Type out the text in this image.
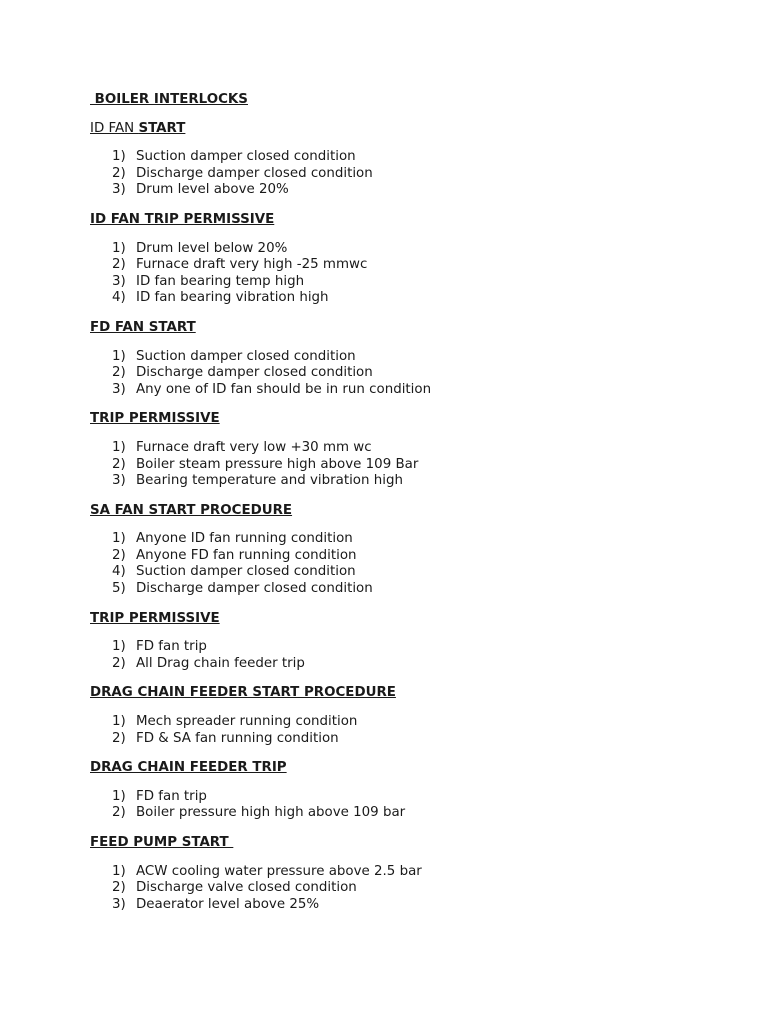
BOILER INTERLOCKS
ID FAN START
1) Suction damper closed condition
2) Discharge damper closed condition
3) Drum level above 20%
ID FAN TRIP PERMISSIVE
1) Drum level below 20%
2) Furnace draft very high -25 mmwc
3) ID fan bearing temp high
4) ID fan bearing vibration high
FD FAN START
1) Suction damper closed condition
2) Discharge damper closed condition
3) Any one of ID fan should be in run condition
TRIP PERMISSIVE
1) Furnace draft very low +30 mm wc
2) Boiler steam pressure high above 109 Bar
3) Bearing temperature and vibration high
SA FAN START PROCEDURE
1) Anyone ID fan running condition
2) Anyone FD fan running condition
4) Suction damper closed condition
5) Discharge damper closed condition
TRIP PERMISSIVE
1) FD fan trip
2) All Drag chain feeder trip
DRAG CHAIN FEEDER START PROCEDURE
1) Mech spreader running condition
2) FD & SA fan running condition
DRAG CHAIN FEEDER TRIP
1) FD fan trip
2) Boiler pressure high high above 109 bar
FEED PUMP START
1) ACW cooling water pressure above 2.5 bar
2) Discharge valve closed condition
3) Deaerator level above 25%
